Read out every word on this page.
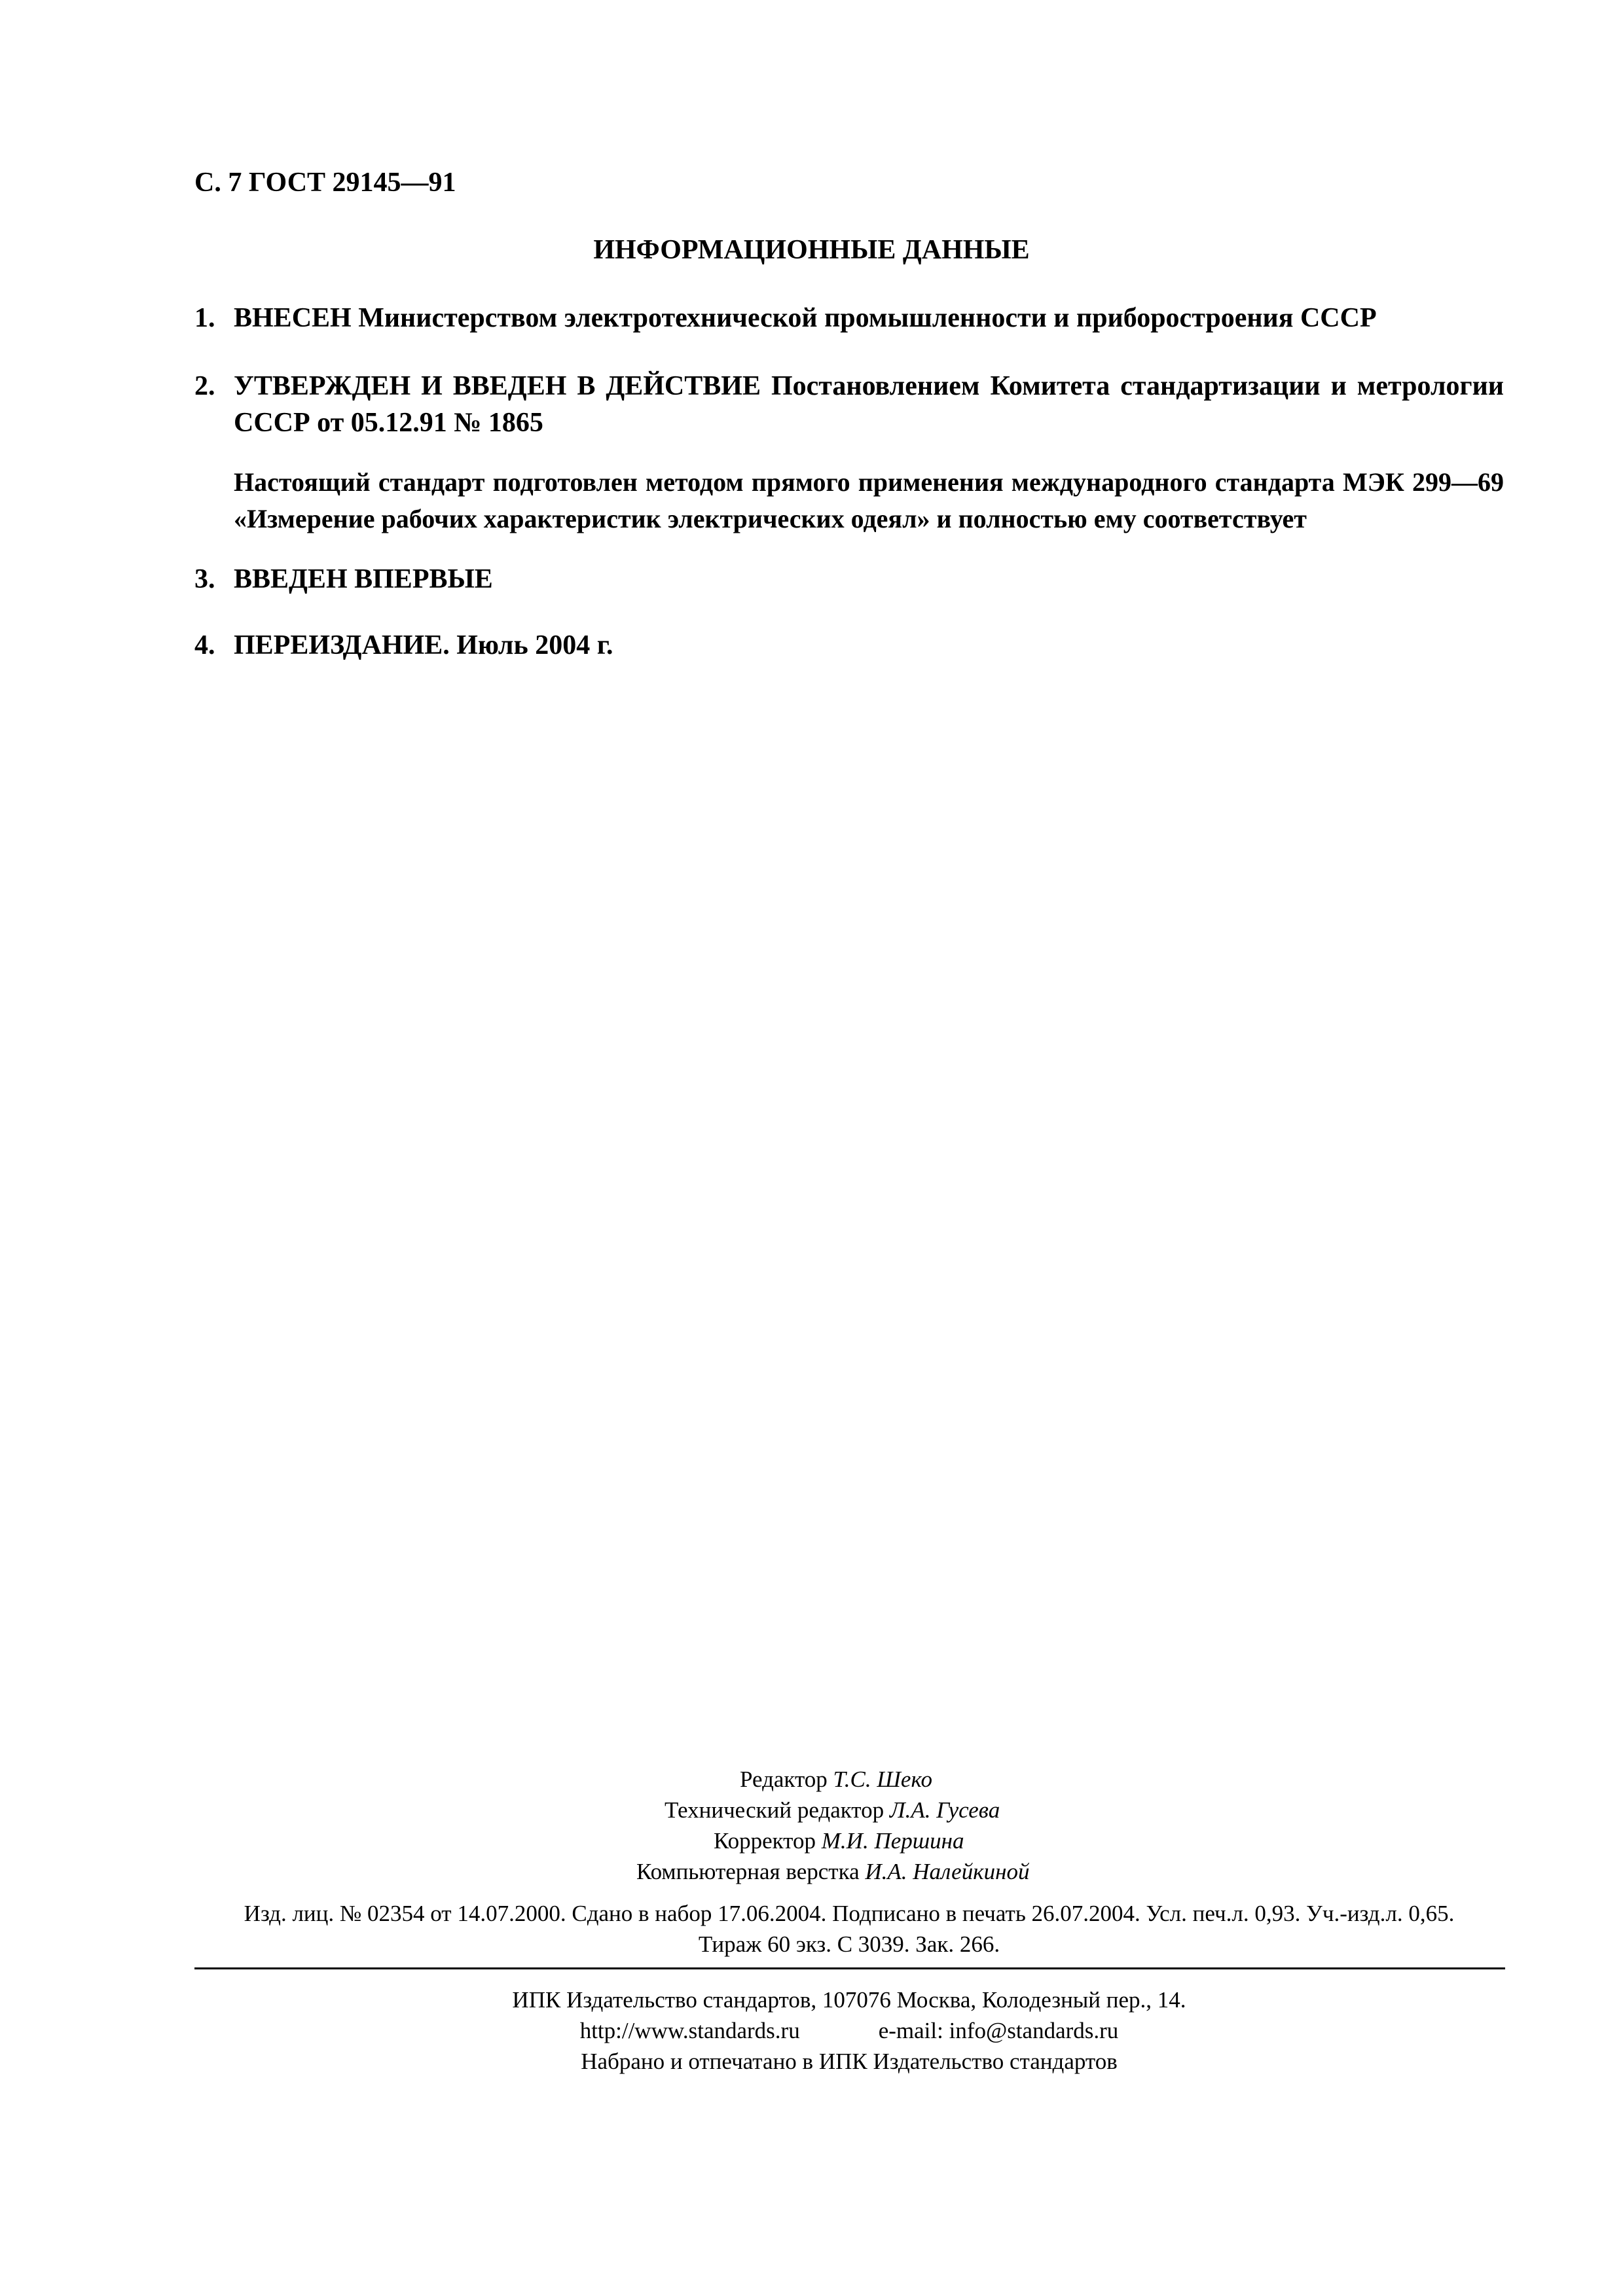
С. 7 ГОСТ 29145—91
ИНФОРМАЦИОННЫЕ ДАННЫЕ
1. ВНЕСЕН Министерством электротехнической промышленности и приборостроения СССР
2. УТВЕРЖДЕН И ВВЕДЕН В ДЕЙСТВИЕ Постановлением Комитета стандартизации и метрологии СССР от 05.12.91 № 1865
Настоящий стандарт подготовлен методом прямого применения международного стандарта МЭК 299—69 «Измерение рабочих характеристик электрических одеял» и полностью ему соответствует
3. ВВЕДЕН ВПЕРВЫЕ
4. ПЕРЕИЗДАНИЕ. Июль 2004 г.
Редактор Т.С. Шеко
Технический редактор Л.А. Гусева
Корректор М.И. Першина
Компьютерная верстка И.А. Налейкиной
Изд. лиц. № 02354 от 14.07.2000. Сдано в набор 17.06.2004. Подписано в печать 26.07.2004. Усл. печ.л. 0,93. Уч.-изд.л. 0,65.
Тираж 60 экз. С 3039. Зак. 266.
ИПК Издательство стандартов, 107076 Москва, Колодезный пер., 14.
http://www.standards.ru	e-mail: info@standards.ru
Набрано и отпечатано в ИПК Издательство стандартов
